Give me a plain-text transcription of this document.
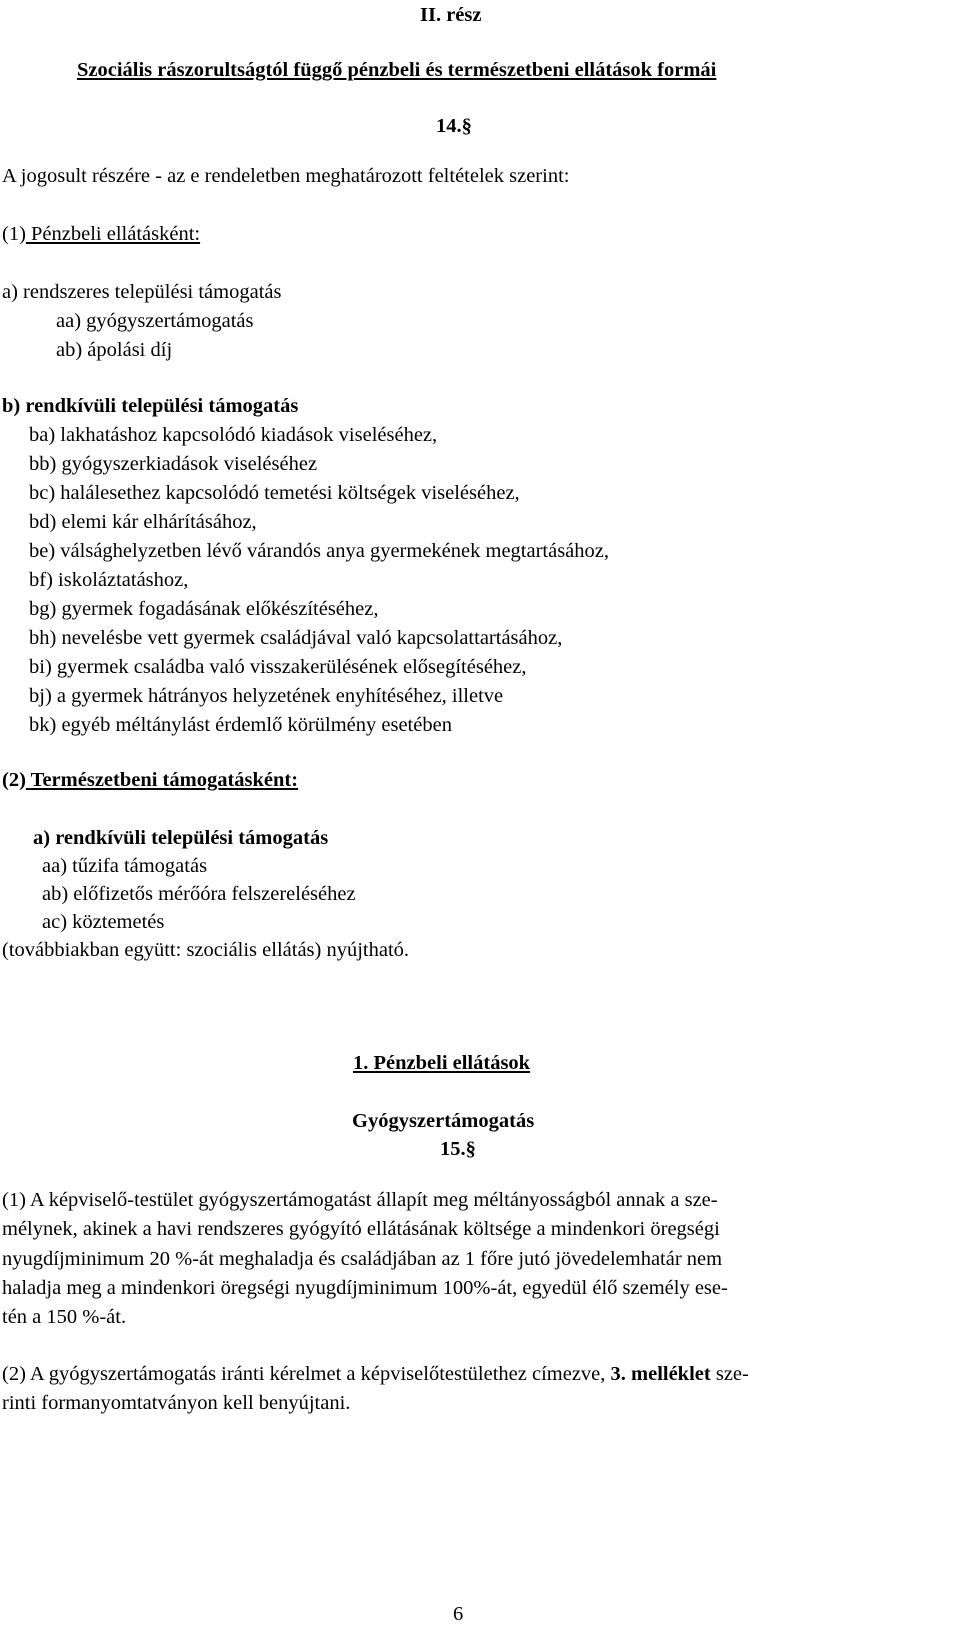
II. rész
Szociális rászorultságtól függő pénzbeli és természetbeni ellátások formái
14.§
A jogosult részére - az e rendeletben meghatározott feltételek szerint:
(1) Pénzbeli ellátásként:
a) rendszeres települési támogatás
aa) gyógyszertámogatás
ab) ápolási díj
b) rendkívüli települési támogatás
ba) lakhatáshoz kapcsolódó kiadások viseléséhez,
bb) gyógyszerkiadások viseléséhez
bc) halálesethez kapcsolódó temetési költségek viseléséhez,
bd) elemi kár elhárításához,
be) válsághelyzetben lévő várandós anya gyermekének megtartásához,
bf) iskoláztatáshoz,
bg) gyermek fogadásának előkészítéséhez,
bh) nevelésbe vett gyermek családjával való kapcsolattartásához,
bi) gyermek családba való visszakerülésének elősegítéséhez,
bj) a gyermek hátrányos helyzetének enyhítéséhez, illetve
bk) egyéb méltánylást érdemlő körülmény esetében
(2) Természetbeni támogatásként:
a) rendkívüli települési támogatás
aa) tűzifa támogatás
ab) előfizetős mérőóra felszereléséhez
ac) köztemetés
(továbbiakban együtt: szociális ellátás) nyújtható.
1. Pénzbeli ellátások
Gyógyszertámogatás
15.§
(1) A képviselő-testület gyógyszertámogatást állapít meg méltányosságból annak a sze-
mélynek, akinek a havi rendszeres gyógyító ellátásának költsége a mindenkori öregségi
nyugdíjminimum 20 %-át meghaladja és családjában az 1 főre jutó jövedelemhatár nem
haladja meg a mindenkori öregségi nyugdíjminimum 100%-át, egyedül élő személy ese-
tén a 150 %-át.
(2) A gyógyszertámogatás iránti kérelmet a képviselőtestülethez címezve, 3. melléklet sze-
rinti formanyomtatványon kell benyújtani.
6
